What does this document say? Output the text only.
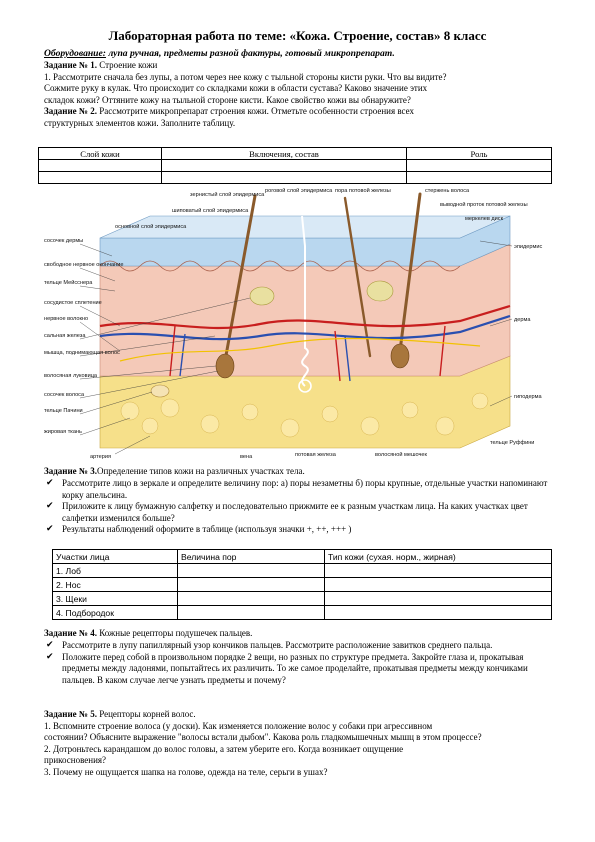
Лабораторная работа по теме: «Кожа. Строение, состав» 8 класс
Оборудование: лупа ручная, предметы разной фактуры, готовый микропрепарат.
Задание № 1. Строение кожи
1. Рассмотрите сначала без лупы, а потом через нее кожу с тыльной стороны кисти руки. Что вы видите?
Сожмите руку в кулак. Что происходит со складками кожи в области сустава? Каково значение этих
складок кожи? Оттяните кожу на тыльной стороне кисти. Какое свойство кожи вы обнаружите?
Задание № 2. Рассмотрите микропрепарат строения кожи. Отметьте особенности строения всех
структурных элементов кожи. Заполните таблицу.
Слой кожи	Включения, состав	Роль

сосочек дермы
свободное нервное окончание
тельце Мейсснера
сосудистое сплетение
нервное волокно
сальная железа
мышца, поднимающая волос
волосяная луковица
сосочек волоса
тельце Пачини
жировая ткань
артерия
зернистый слой эпидермиса
роговой слой эпидермиса пора потовой железы	стержень волоса
выводной проток потовой железы
меркелев диск
шиповатый слой эпидермиса
основной слой эпидермиса
эпидермис
дерма
гиподерма
тельце Руффини
вена	потовая железа	волосяной мешочек
Задание № 3.Определение типов кожи на различных участках тела.
✔ Рассмотрите лицо в зеркале и определите величину пор: а) поры незаметны б) поры крупные, отдельные участки напоминают корку апельсина.
✔ Приложите к лицу бумажную салфетку и последовательно прижмите ее к разным участкам лица. На каких участках цвет салфетки изменился больше?
✔ Результаты наблюдений оформите в таблице (используя значки +, ++, +++ )
Участки лица	Величина пор	Тип кожи (сухая. норм., жирная)
1. Лоб		
2. Нос		
3. Щеки		
4. Подбородок		
Задание № 4. Кожные рецепторы подушечек пальцев.
✔ Рассмотрите в лупу папиллярный узор кончиков пальцев. Рассмотрите расположение завитков среднего пальца.
✔ Положите перед собой в произвольном порядке 2 вещи, но разных по структуре предмета. Закройте глаза и, прокатывая предметы между ладонями, попытайтесь их различить. То же самое проделайте, прокатывая предметы между кончиками пальцев. В каком случае легче узнать предметы и почему?
Задание № 5. Рецепторы корней волос.
1. Вспомните строение волоса (у доски). Как изменяется положение волос у собаки при агрессивном
состоянии? Объясните выражение "волосы встали дыбом". Какова роль гладкомышечных мышц в этом процессе?
2. Дотроньтесь карандашом до волос головы, а затем уберите его. Когда возникает ощущение
прикосновения?
3. Почему не ощущается шапка на голове, одежда на теле, серьги в ушах?
